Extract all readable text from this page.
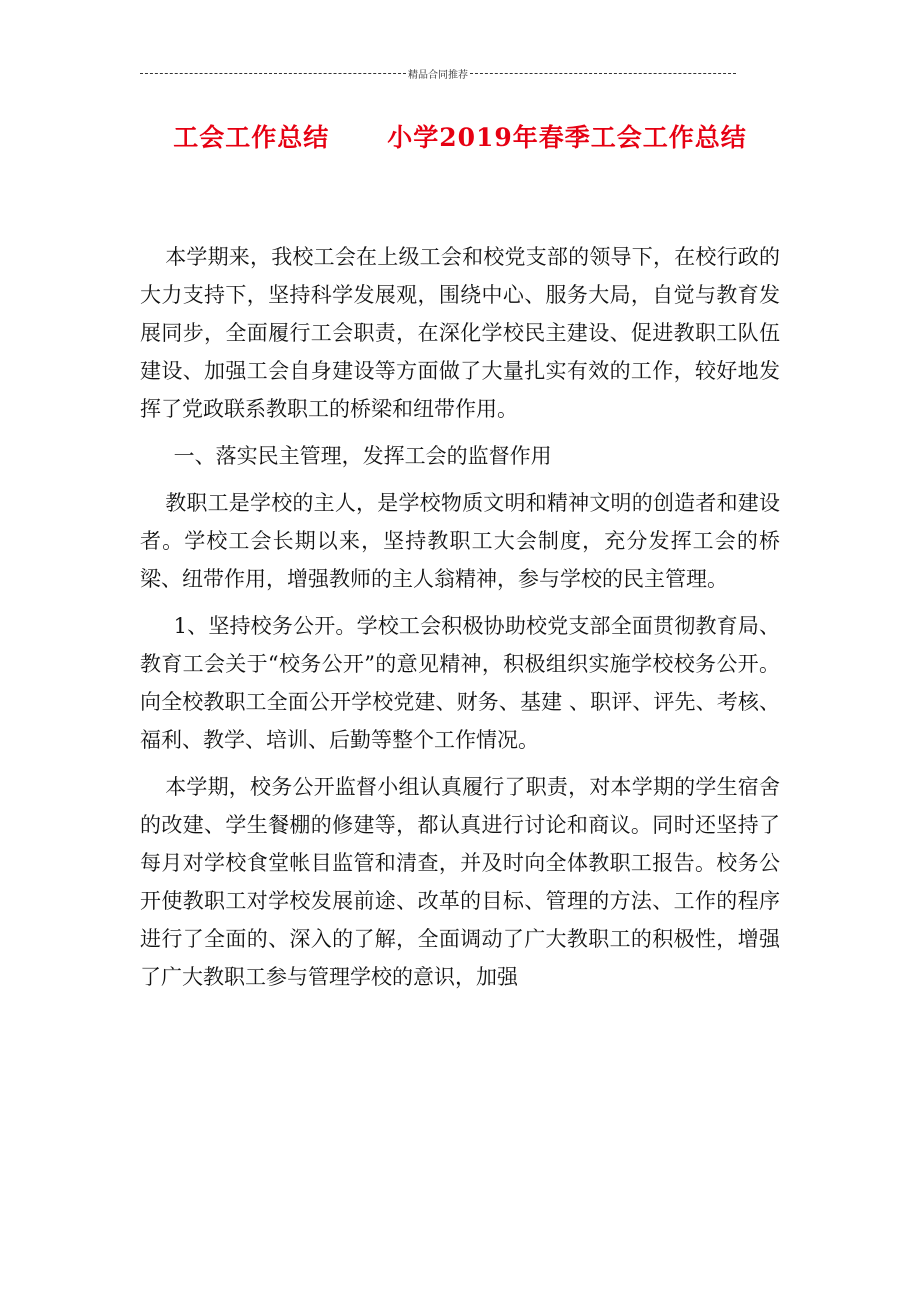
精品合同推荐
工会工作总结 小学2019年春季工会工作总结

本学期来，我校工会在上级工会和校党支部的领导下，在校行政的大力支持下，坚持科学发展观，围绕中心、服务大局，自觉与教育发展同步，全面履行工会职责，在深化学校民主建设、促进教职工队伍建设、加强工会自身建设等方面做了大量扎实有效的工作，较好地发挥了党政联系教职工的桥梁和纽带作用。

一、落实民主管理，发挥工会的监督作用

教职工是学校的主人，是学校物质文明和精神文明的创造者和建设者。学校工会长期以来，坚持教职工大会制度，充分发挥工会的桥梁、纽带作用，增强教师的主人翁精神，参与学校的民主管理。

1、坚持校务公开。学校工会积极协助校党支部全面贯彻教育局、教育工会关于“校务公开”的意见精神，积极组织实施学校校务公开。向全校教职工全面公开学校党建、财务、基建 、职评、评先、考核、福利、教学、培训、后勤等整个工作情况。

本学期，校务公开监督小组认真履行了职责，对本学期的学生宿舍的改建、学生餐棚的修建等，都认真进行讨论和商议。同时还坚持了每月对学校食堂帐目监管和清查，并及时向全体教职工报告。校务公开使教职工对学校发展前途、改革的目标、管理的方法、工作的程序进行了全面的、深入的了解，全面调动了广大教职工的积极性，增强了广大教职工参与管理学校的意识，加强
